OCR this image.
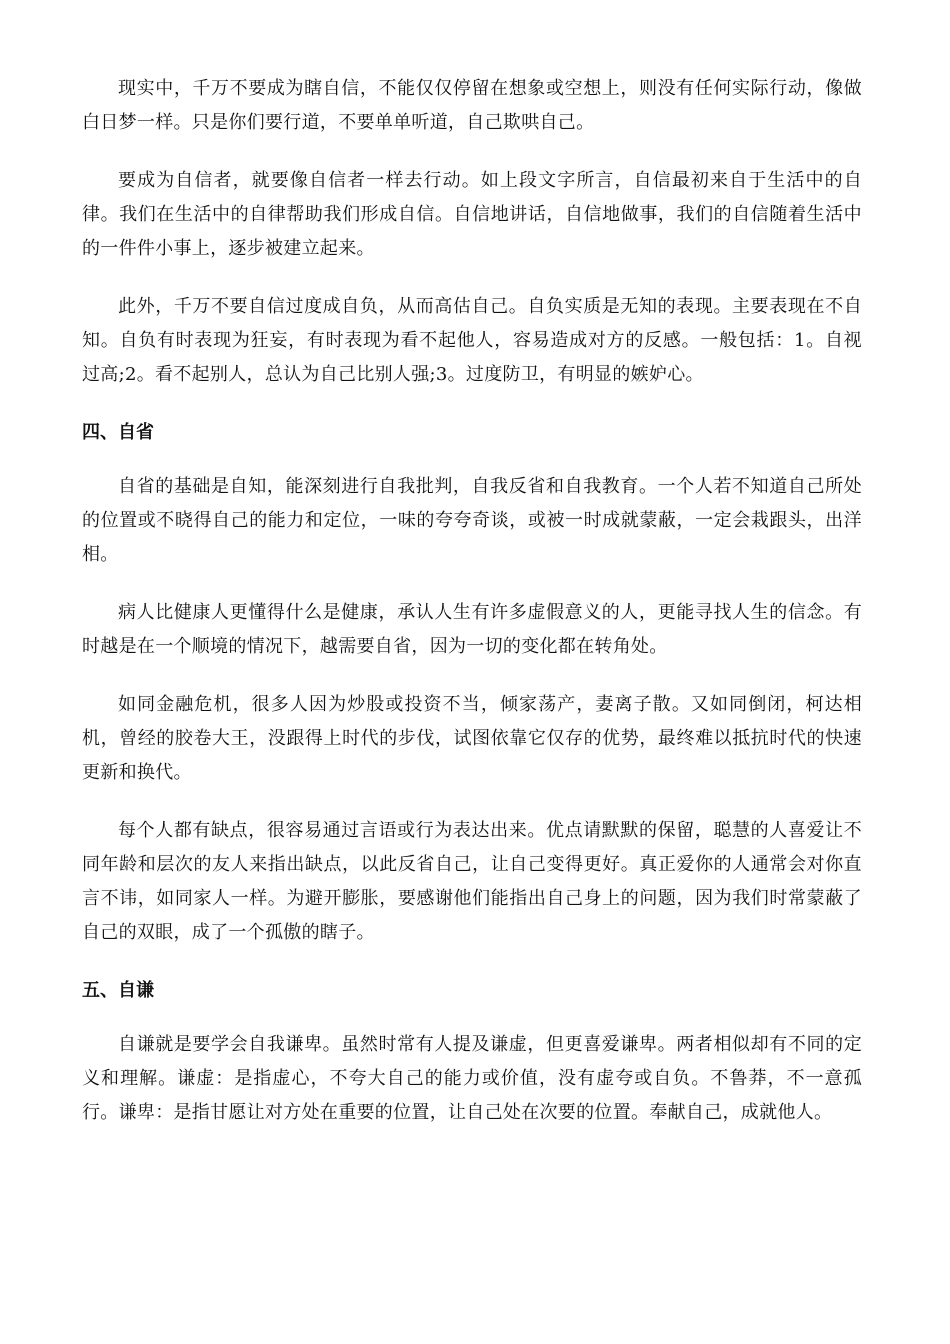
现实中，千万不要成为瞎自信，不能仅仅停留在想象或空想上，则没有任何实际行动，像做白日梦一样。只是你们要行道，不要单单听道，自己欺哄自己。

要成为自信者，就要像自信者一样去行动。如上段文字所言，自信最初来自于生活中的自律。我们在生活中的自律帮助我们形成自信。自信地讲话，自信地做事，我们的自信随着生活中的一件件小事上，逐步被建立起来。

此外，千万不要自信过度成自负，从而高估自己。自负实质是无知的表现。主要表现在不自知。自负有时表现为狂妄，有时表现为看不起他人，容易造成对方的反感。一般包括：1。自视过高;2。看不起别人，总认为自己比别人强;3。过度防卫，有明显的嫉妒心。

四、自省

自省的基础是自知，能深刻进行自我批判，自我反省和自我教育。一个人若不知道自己所处的位置或不晓得自己的能力和定位，一味的夸夸奇谈，或被一时成就蒙蔽，一定会栽跟头，出洋相。

病人比健康人更懂得什么是健康，承认人生有许多虚假意义的人，更能寻找人生的信念。有时越是在一个顺境的情况下，越需要自省，因为一切的变化都在转角处。

如同金融危机，很多人因为炒股或投资不当，倾家荡产，妻离子散。又如同倒闭，柯达相机，曾经的胶卷大王，没跟得上时代的步伐，试图依靠它仅存的优势，最终难以抵抗时代的快速更新和换代。

每个人都有缺点，很容易通过言语或行为表达出来。优点请默默的保留，聪慧的人喜爱让不同年龄和层次的友人来指出缺点，以此反省自己，让自己变得更好。真正爱你的人通常会对你直言不讳，如同家人一样。为避开膨胀，要感谢他们能指出自己身上的问题，因为我们时常蒙蔽了自己的双眼，成了一个孤傲的瞎子。

五、自谦

自谦就是要学会自我谦卑。虽然时常有人提及谦虚，但更喜爱谦卑。两者相似却有不同的定义和理解。谦虚：是指虚心，不夸大自己的能力或价值，没有虚夸或自负。不鲁莽，不一意孤行。谦卑：是指甘愿让对方处在重要的位置，让自己处在次要的位置。奉献自己，成就他人。
